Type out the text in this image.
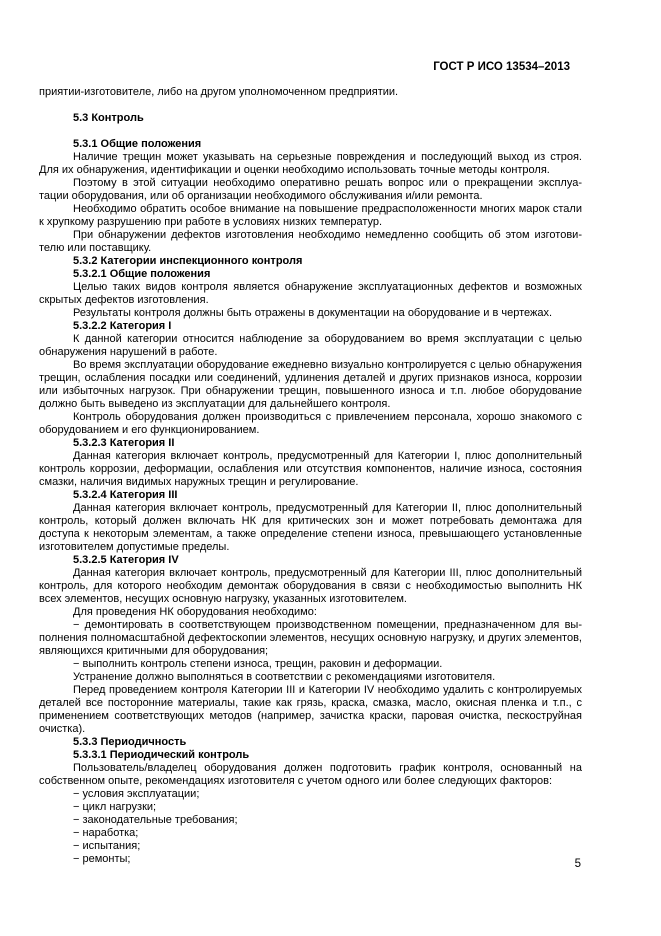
ГОСТ Р ИСО 13534–2013
приятии-изготовителе, либо на другом уполномоченном предприятии.
5.3 Контроль
5.3.1 Общие положения
Наличие трещин может указывать на серьезные повреждения и последующий выход из строя. Для их обнаружения, идентификации и оценки необходимо использовать точные методы контроля.
Поэтому в этой ситуации необходимо оперативно решать вопрос или о прекращении эксплуатации оборудования, или об организации необходимого обслуживания и/или ремонта.
Необходимо обратить особое внимание на повышение предрасположенности многих марок стали к хрупкому разрушению при работе в условиях низких температур.
При обнаружении дефектов изготовления необходимо немедленно сообщить об этом изготовителю или поставщику.
5.3.2 Категории инспекционного контроля
5.3.2.1 Общие положения
Целью таких видов контроля является обнаружение эксплуатационных дефектов и возможных скрытых дефектов изготовления.
Результаты контроля должны быть отражены в документации на оборудование и в чертежах.
5.3.2.2 Категория I
К данной категории относится наблюдение за оборудованием во время эксплуатации с целью обнаружения нарушений в работе.
Во время эксплуатации оборудование ежедневно визуально контролируется с целью обнаружения трещин, ослабления посадки или соединений, удлинения деталей и других признаков износа, коррозии или избыточных нагрузок. При обнаружении трещин, повышенного износа и т.п. любое оборудование должно быть выведено из эксплуатации для дальнейшего контроля.
Контроль оборудования должен производиться с привлечением персонала, хорошо знакомого с оборудованием и его функционированием.
5.3.2.3 Категория II
Данная категория включает контроль, предусмотренный для Категории I, плюс дополнительный контроль коррозии, деформации, ослабления или отсутствия компонентов, наличие износа, состояния смазки, наличия видимых наружных трещин и регулирование.
5.3.2.4 Категория III
Данная категория включает контроль, предусмотренный для Категории II, плюс дополнительный контроль, который должен включать НК для критических зон и может потребовать демонтажа для доступа к некоторым элементам, а также определение степени износа, превышающего установленные изготовителем допустимые пределы.
5.3.2.5 Категория IV
Данная категория включает контроль, предусмотренный для Категории III, плюс дополнительный контроль, для которого необходим демонтаж оборудования в связи с необходимостью выполнить НК всех элементов, несущих основную нагрузку, указанных изготовителем.
Для проведения НК оборудования необходимо:
− демонтировать в соответствующем производственном помещении, предназначенном для выполнения полномасштабной дефектоскопии элементов, несущих основную нагрузку, и других элементов, являющихся критичными для оборудования;
− выполнить контроль степени износа, трещин, раковин и деформации.
Устранение должно выполняться в соответствии с рекомендациями изготовителя.
Перед проведением контроля Категории III и Категории IV необходимо удалить с контролируемых деталей все посторонние материалы, такие как грязь, краска, смазка, масло, окисная пленка и т.п., с применением соответствующих методов (например, зачистка краски, паровая очистка, пескоструйная очистка).
5.3.3 Периодичность
5.3.3.1 Периодический контроль
Пользователь/владелец оборудования должен подготовить график контроля, основанный на собственном опыте, рекомендациях изготовителя с учетом одного или более следующих факторов:
− условия эксплуатации;
− цикл нагрузки;
− законодательные требования;
− наработка;
− испытания;
− ремонты;	5
